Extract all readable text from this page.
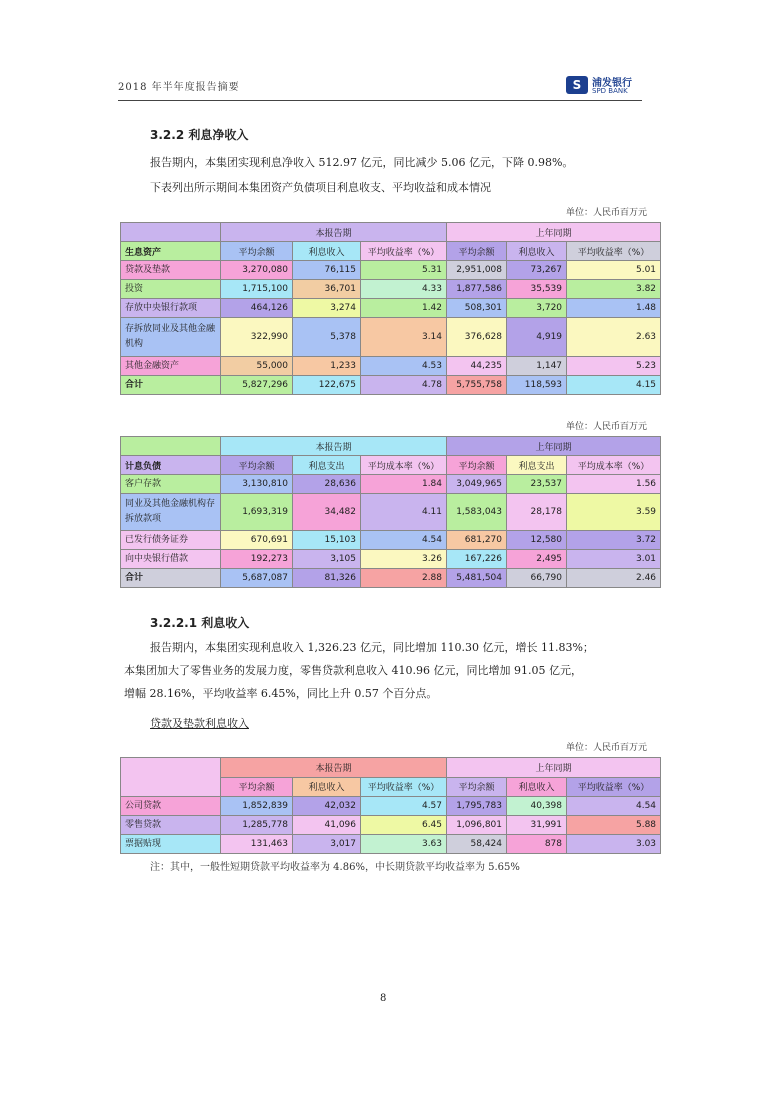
2018 年半年度报告摘要	S	浦发银行
SPD BANK
3.2.2 利息净收入
报告期内，本集团实现利息净收入 512.97 亿元，同比减少 5.06 亿元，下降 0.98%。
下表列出所示期间本集团资产负债项目利息收支、平均收益和成本情况
单位：人民币百万元
	本报告期			上年同期		
生息资产	平均余额	利息收入	平均收益率（%）	平均余额	利息收入	平均收益率（%）
贷款及垫款	3,270,080	76,115	5.31	2,951,008	73,267	5.01
投资	1,715,100	36,701	4.33	1,877,586	35,539	3.82
存放中央银行款项	464,126	3,274	1.42	508,301	3,720	1.48
存拆放同业及其他金融机构	322,990	5,378	3.14	376,628	4,919	2.63
其他金融资产	55,000	1,233	4.53	44,235	1,147	5.23
合计	5,827,296	122,675	4.78	5,755,758	118,593	4.15
单位：人民币百万元
	本报告期			上年同期		
计息负债	平均余额	利息支出	平均成本率（%）	平均余额	利息支出	平均成本率（%）
客户存款	3,130,810	28,636	1.84	3,049,965	23,537	1.56
同业及其他金融机构存拆放款项	1,693,319	34,482	4.11	1,583,043	28,178	3.59
已发行债务证券	670,691	15,103	4.54	681,270	12,580	3.72
向中央银行借款	192,273	3,105	3.26	167,226	2,495	3.01
合计	5,687,087	81,326	2.88	5,481,504	66,790	2.46
3.2.2.1 利息收入
报告期内，本集团实现利息收入 1,326.23 亿元，同比增加 110.30 亿元，增长 11.83%；
本集团加大了零售业务的发展力度，零售贷款利息收入 410.96 亿元，同比增加 91.05 亿元，
增幅 28.16%，平均收益率 6.45%，同比上升 0.57 个百分点。
贷款及垫款利息收入
单位：人民币百万元
	本报告期			上年同期		
	平均余额	利息收入	平均收益率（%）	平均余额	利息收入	平均收益率（%）
公司贷款	1,852,839	42,032	4.57	1,795,783	40,398	4.54
零售贷款	1,285,778	41,096	6.45	1,096,801	31,991	5.88
票据贴现	131,463	3,017	3.63	58,424	878	3.03
注：其中，一般性短期贷款平均收益率为 4.86%，中长期贷款平均收益率为 5.65%
8
